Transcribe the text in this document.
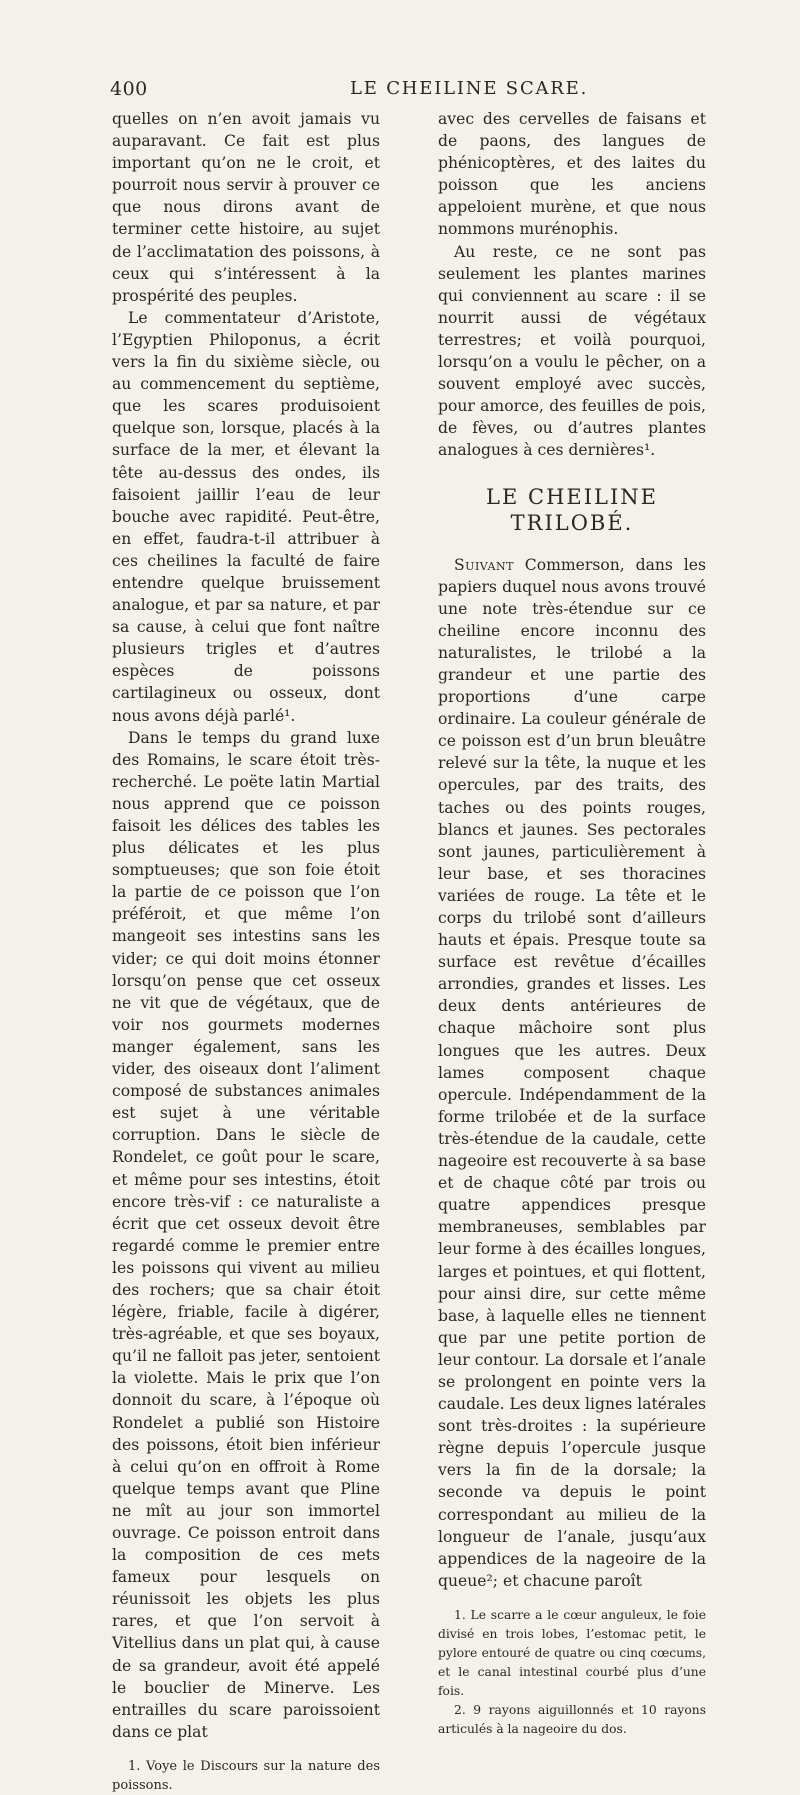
400	LE CHEILINE SCARE.

quelles on n’en avoit jamais vu auparavant. Ce fait est plus important qu’on ne le croit, et pourroit nous servir à prouver ce que nous dirons avant de terminer cette histoire, au sujet de l’acclimatation des poissons, à ceux qui s’intéressent à la prospérité des peuples.

Le commentateur d’Aristote, l’Egyptien Philoponus, a écrit vers la fin du sixième siècle, ou au commencement du septième, que les scares produisoient quelque son, lorsque, placés à la surface de la mer, et élevant la tête au-dessus des ondes, ils faisoient jaillir l’eau de leur bouche avec rapidité. Peut-être, en effet, faudra-t-il attribuer à ces cheilines la faculté de faire entendre quelque bruissement analogue, et par sa nature, et par sa cause, à celui que font naître plusieurs trigles et d’autres espèces de poissons cartilagineux ou osseux, dont nous avons déjà parlé¹.

Dans le temps du grand luxe des Romains, le scare étoit très-recherché. Le poëte latin Martial nous apprend que ce poisson faisoit les délices des tables les plus délicates et les plus somptueuses; que son foie étoit la partie de ce poisson que l’on préféroit, et que même l’on mangeoit ses intestins sans les vider; ce qui doit moins étonner lorsqu’on pense que cet osseux ne vit que de végétaux, que de voir nos gourmets modernes manger également, sans les vider, des oiseaux dont l’aliment composé de substances animales est sujet à une véritable corruption. Dans le siècle de Rondelet, ce goût pour le scare, et même pour ses intestins, étoit encore très-vif : ce naturaliste a écrit que cet osseux devoit être regardé comme le premier entre les poissons qui vivent au milieu des rochers; que sa chair étoit légère, friable, facile à digérer, très-agréable, et que ses boyaux, qu’il ne falloit pas jeter, sentoient la violette. Mais le prix que l’on donnoit du scare, à l’époque où Rondelet a publié son Histoire des poissons, étoit bien inférieur à celui qu’on en offroit à Rome quelque temps avant que Pline ne mît au jour son immortel ouvrage. Ce poisson entroit dans la composition de ces mets fameux pour lesquels on réunissoit les objets les plus rares, et que l’on servoit à Vitellius dans un plat qui, à cause de sa grandeur, avoit été appelé le bouclier de Minerve. Les entrailles du scare paroissoient dans ce plat

1. Voye le Discours sur la nature des poissons.

avec des cervelles de faisans et de paons, des langues de phénicoptères, et des laites du poisson que les anciens appeloient murène, et que nous nommons murénophis.

Au reste, ce ne sont pas seulement les plantes marines qui conviennent au scare : il se nourrit aussi de végétaux terrestres; et voilà pourquoi, lorsqu’on a voulu le pêcher, on a souvent employé avec succès, pour amorce, des feuilles de pois, de fèves, ou d’autres plantes analogues à ces dernières¹.

LE CHEILINE TRILOBÉ.

Suivant Commerson, dans les papiers duquel nous avons trouvé une note très-étendue sur ce cheiline encore inconnu des naturalistes, le trilobé a la grandeur et une partie des proportions d’une carpe ordinaire. La couleur générale de ce poisson est d’un brun bleuâtre relevé sur la tête, la nuque et les opercules, par des traits, des taches ou des points rouges, blancs et jaunes. Ses pectorales sont jaunes, particulièrement à leur base, et ses thoracines variées de rouge. La tête et le corps du trilobé sont d’ailleurs hauts et épais. Presque toute sa surface est revêtue d’écailles arrondies, grandes et lisses. Les deux dents antérieures de chaque mâchoire sont plus longues que les autres. Deux lames composent chaque opercule. Indépendamment de la forme trilobée et de la surface très-étendue de la caudale, cette nageoire est recouverte à sa base et de chaque côté par trois ou quatre appendices presque membraneuses, semblables par leur forme à des écailles longues, larges et pointues, et qui flottent, pour ainsi dire, sur cette même base, à laquelle elles ne tiennent que par une petite portion de leur contour. La dorsale et l’anale se prolongent en pointe vers la caudale. Les deux lignes latérales sont très-droites : la supérieure règne depuis l’opercule jusque vers la fin de la dorsale; la seconde va depuis le point correspondant au milieu de la longueur de l’anale, jusqu’aux appendices de la nageoire de la queue²; et chacune paroît

1. Le scarre a le cœur anguleux, le foie divisé en trois lobes, l’estomac petit, le pylore entouré de quatre ou cinq cœcums, et le canal intestinal courbé plus d’une fois.

2. 9 rayons aiguillonnés et 10 rayons articulés à la nageoire du dos.
